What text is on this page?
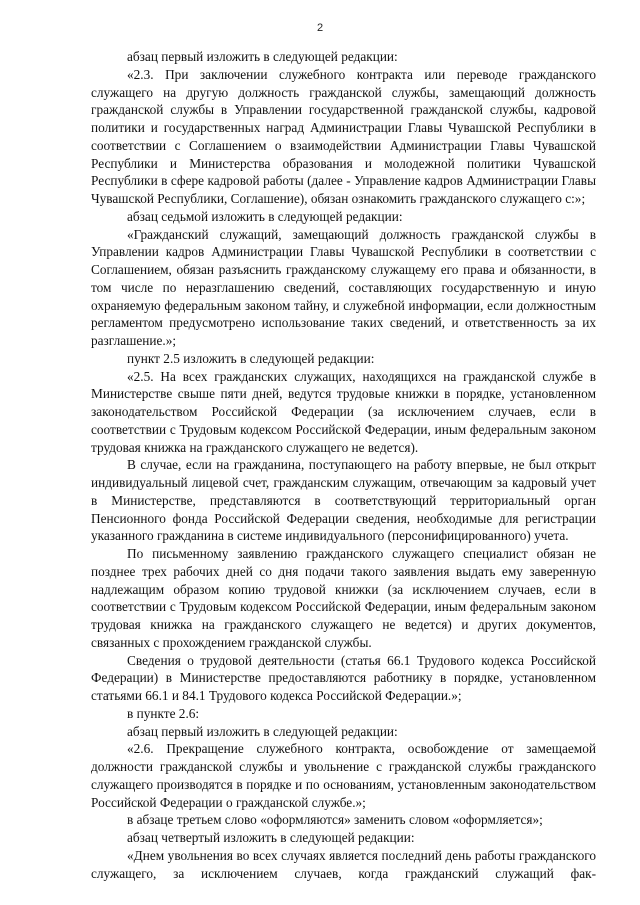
2

абзац первый изложить в следующей редакции:

«2.3. При заключении служебного контракта или переводе гражданского служащего на другую должность гражданской службы, замещающий должность гражданской службы в Управлении государственной гражданской службы, кадровой политики и государственных наград Администрации Главы Чувашской Республики в соответствии с Соглашением о взаимодействии Администрации Главы Чувашской Республики и Министерства образования и молодежной политики Чувашской Республики в сфере кадровой работы (далее - Управление кадров Администрации Главы Чувашской Республики, Соглашение), обязан ознакомить гражданского служащего с:»;

абзац седьмой изложить в следующей редакции:

«Гражданский служащий, замещающий должность гражданской службы в Управлении кадров Администрации Главы Чувашской Республики в соответствии с Соглашением, обязан разъяснить гражданскому служащему его права и обязанности, в том числе по неразглашению сведений, составляющих государственную и иную охраняемую федеральным законом тайну, и служебной информации, если должностным регламентом предусмотрено использование таких сведений, и ответственность за их разглашение.»;

пункт 2.5 изложить в следующей редакции:

«2.5. На всех гражданских служащих, находящихся на гражданской службе в Министерстве свыше пяти дней, ведутся трудовые книжки в порядке, установленном законодательством Российской Федерации (за исключением случаев, если в соответствии с Трудовым кодексом Российской Федерации, иным федеральным законом трудовая книжка на гражданского служащего не ведется).

В случае, если на гражданина, поступающего на работу впервые, не был открыт индивидуальный лицевой счет, гражданским служащим, отвечающим за кадровый учет в Министерстве, представляются в соответствующий территориальный орган Пенсионного фонда Российской Федерации сведения, необходимые для регистрации указанного гражданина в системе индивидуального (персонифицированного) учета.

По письменному заявлению гражданского служащего специалист обязан не позднее трех рабочих дней со дня подачи такого заявления выдать ему заверенную надлежащим образом копию трудовой книжки (за исключением случаев, если в соответствии с Трудовым кодексом Российской Федерации, иным федеральным законом трудовая книжка на гражданского служащего не ведется) и других документов, связанных с прохождением гражданской службы.

Сведения о трудовой деятельности (статья 66.1 Трудового кодекса Российской Федерации) в Министерстве предоставляются работнику в порядке, установленном статьями 66.1 и 84.1 Трудового кодекса Российской Федерации.»;

в пункте 2.6:

абзац первый изложить в следующей редакции:

«2.6. Прекращение служебного контракта, освобождение от замещаемой должности гражданской службы и увольнение с гражданской службы гражданского служащего производятся в порядке и по основаниям, установленным законодательством Российской Федерации о гражданской службе.»;

в абзаце третьем слово «оформляются» заменить словом «оформляется»;

абзац четвертый изложить в следующей редакции:

«Днем увольнения во всех случаях является последний день работы гражданского служащего, за исключением случаев, когда гражданский служащий фак-
